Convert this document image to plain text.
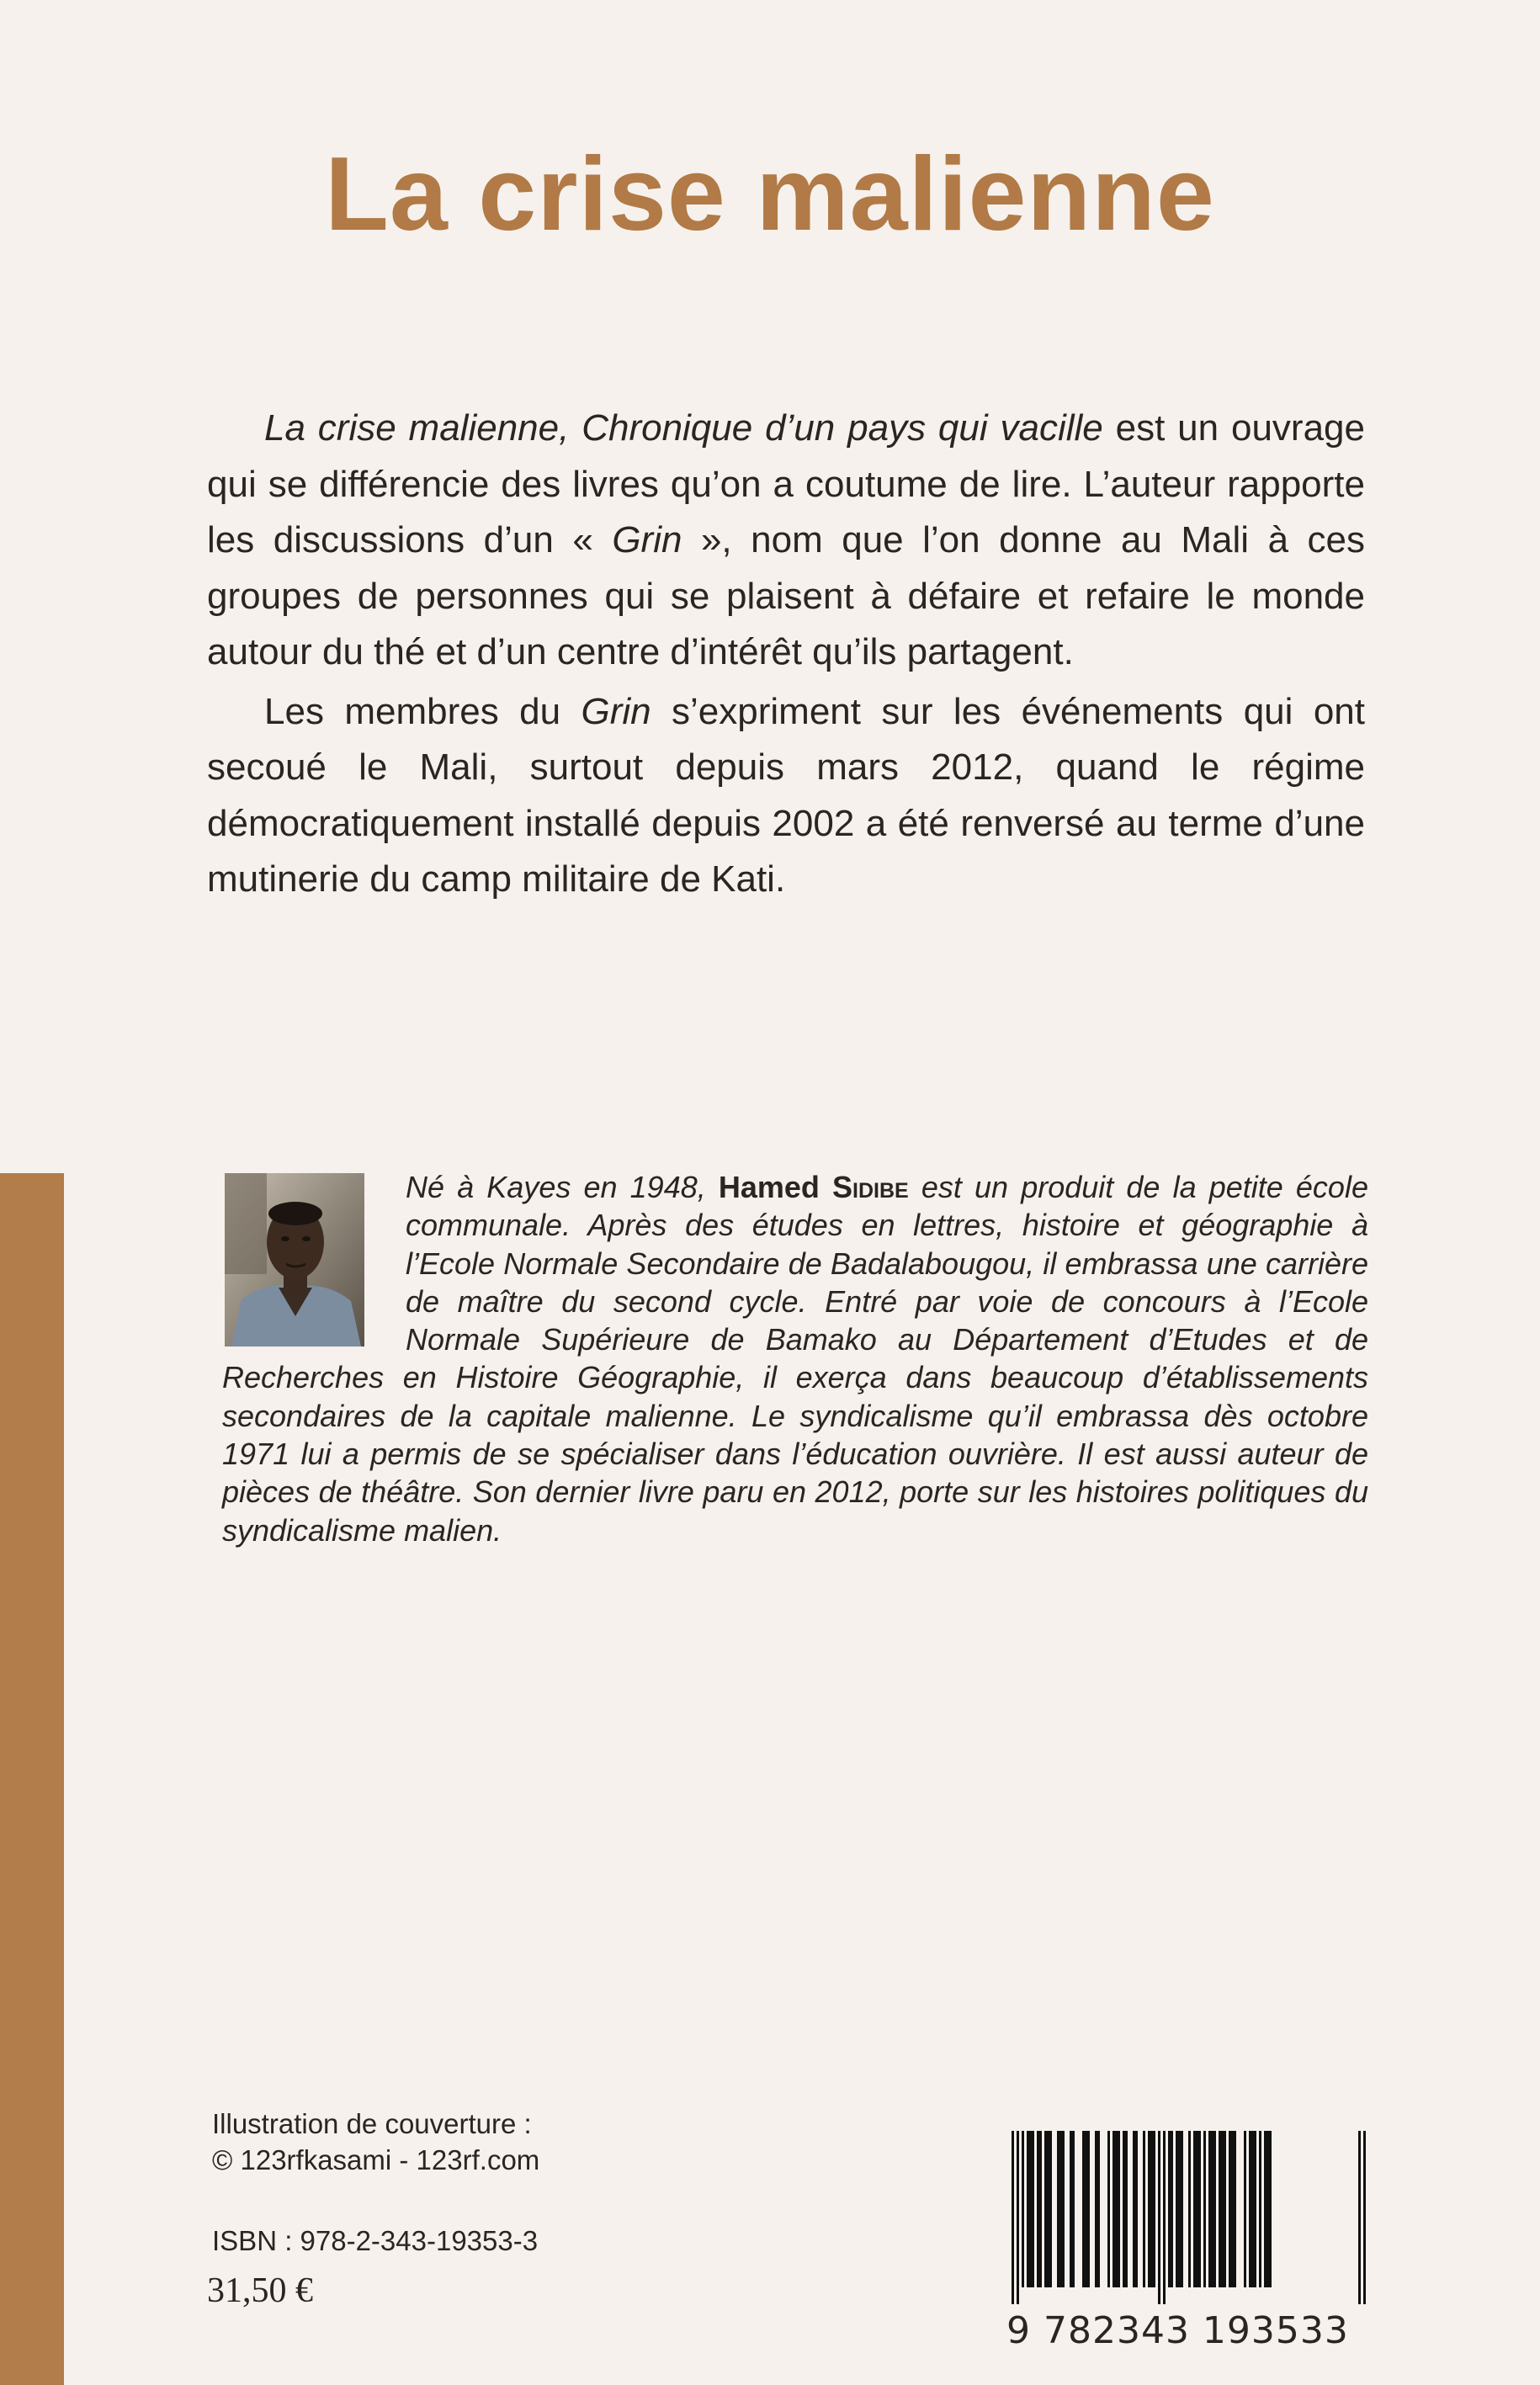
La crise malienne

La crise malienne, Chronique d’un pays qui vacille est un ouvrage qui se différencie des livres qu’on a coutume de lire. L’auteur rapporte les discussions d’un « Grin », nom que l’on donne au Mali à ces groupes de personnes qui se plaisent à défaire et refaire le monde autour du thé et d’un centre d’intérêt qu’ils partagent.

Les membres du Grin s’expriment sur les événements qui ont secoué le Mali, surtout depuis mars 2012, quand le régime démocratiquement installé depuis 2002 a été renversé au terme d’une mutinerie du camp militaire de Kati.

Né à Kayes en 1948, Hamed Sidibe est un produit de la petite école communale. Après des études en lettres, histoire et géographie à l’Ecole Normale Secondaire de Badalabougou, il embrassa une carrière de maître du second cycle. Entré par voie de concours à l’Ecole Normale Supérieure de Bamako au Département d’Etudes et de Recherches en Histoire Géographie, il exerça dans beaucoup d’établissements secondaires de la capitale malienne. Le syndicalisme qu’il embrassa dès octobre 1971 lui a permis de se spécialiser dans l’éducation ouvrière. Il est aussi auteur de pièces de théâtre. Son dernier livre paru en 2012, porte sur les histoires politiques du syndicalisme malien.
Illustration de couverture :
© 123rfkasami - 123rf.com
ISBN : 978-2-343-19353-3
31,50 €
9 782343 193533
